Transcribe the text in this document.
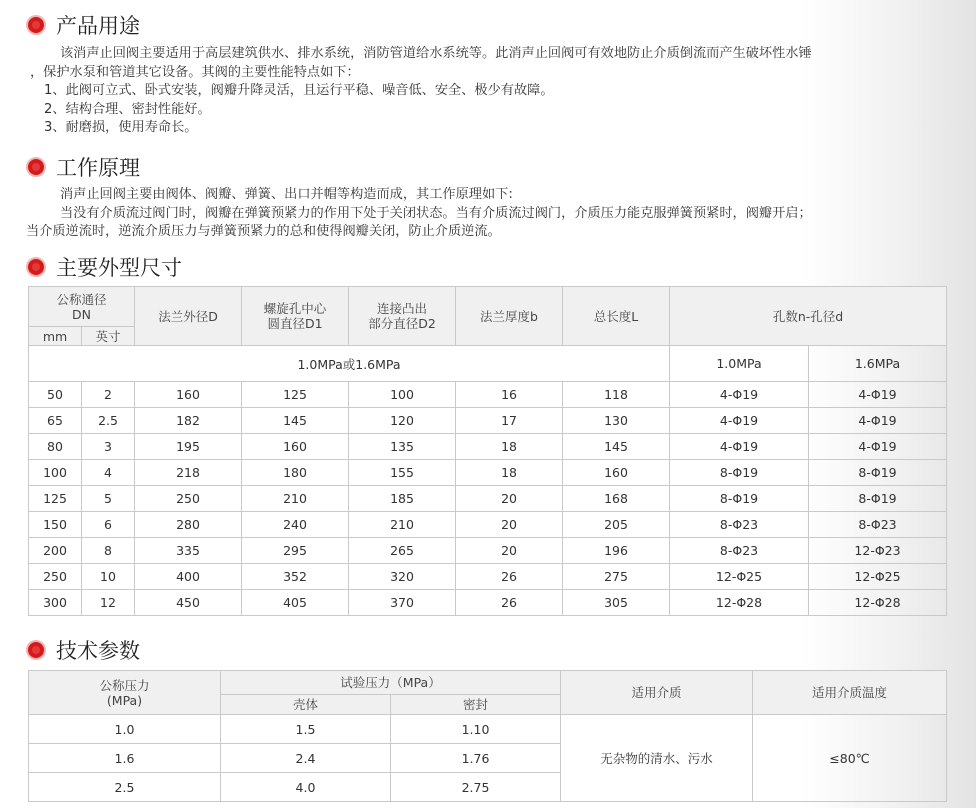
产品用途

该消声止回阀主要适用于高层建筑供水、排水系统，消防管道给水系统等。此消声止回阀可有效地防止介质倒流而产生破坏性水锤

，保护水泵和管道其它设备。其阀的主要性能特点如下：

1、此阀可立式、卧式安装，阀瓣升降灵活，且运行平稳、噪音低、安全、极少有故障。

2、结构合理、密封性能好。

3、耐磨损，使用寿命长。

工作原理

消声止回阀主要由阀体、阀瓣、弹簧、出口并帽等构造而成，其工作原理如下:

当没有介质流过阀门时，阀瓣在弹簧预紧力的作用下处于关闭状态。当有介质流过阀门，介质压力能克服弹簧预紧时，阀瓣开启；

当介质逆流时，逆流介质压力与弹簧预紧力的总和使得阀瓣关闭，防止介质逆流。

主要外型尺寸
公称通径
DN		法兰外径D	螺旋孔中心
圆直径D1	连接凸出
部分直径D2	法兰厚度b	总长度L	孔数n-孔径d	
mm	英寸							
1.0MPa或1.6MPa							1.0MPa	1.6MPa
50	2	160	125	100	16	118	4-Φ19	4-Φ19
65	2.5	182	145	120	17	130	4-Φ19	4-Φ19
80	3	195	160	135	18	145	4-Φ19	4-Φ19
100	4	218	180	155	18	160	8-Φ19	8-Φ19
125	5	250	210	185	20	168	8-Φ19	8-Φ19
150	6	280	240	210	20	205	8-Φ23	8-Φ23
200	8	335	295	265	20	196	8-Φ23	12-Φ23
250	10	400	352	320	26	275	12-Φ25	12-Φ25
300	12	450	405	370	26	305	12-Φ28	12-Φ28
技术参数
公称压力
(MPa)	试验压力（MPa）		适用介质	适用介质温度
	壳体	密封		
1.0	1.5	1.10	无杂物的清水、污水	≤80℃
1.6	2.4	1.76		
2.5	4.0	2.75		
